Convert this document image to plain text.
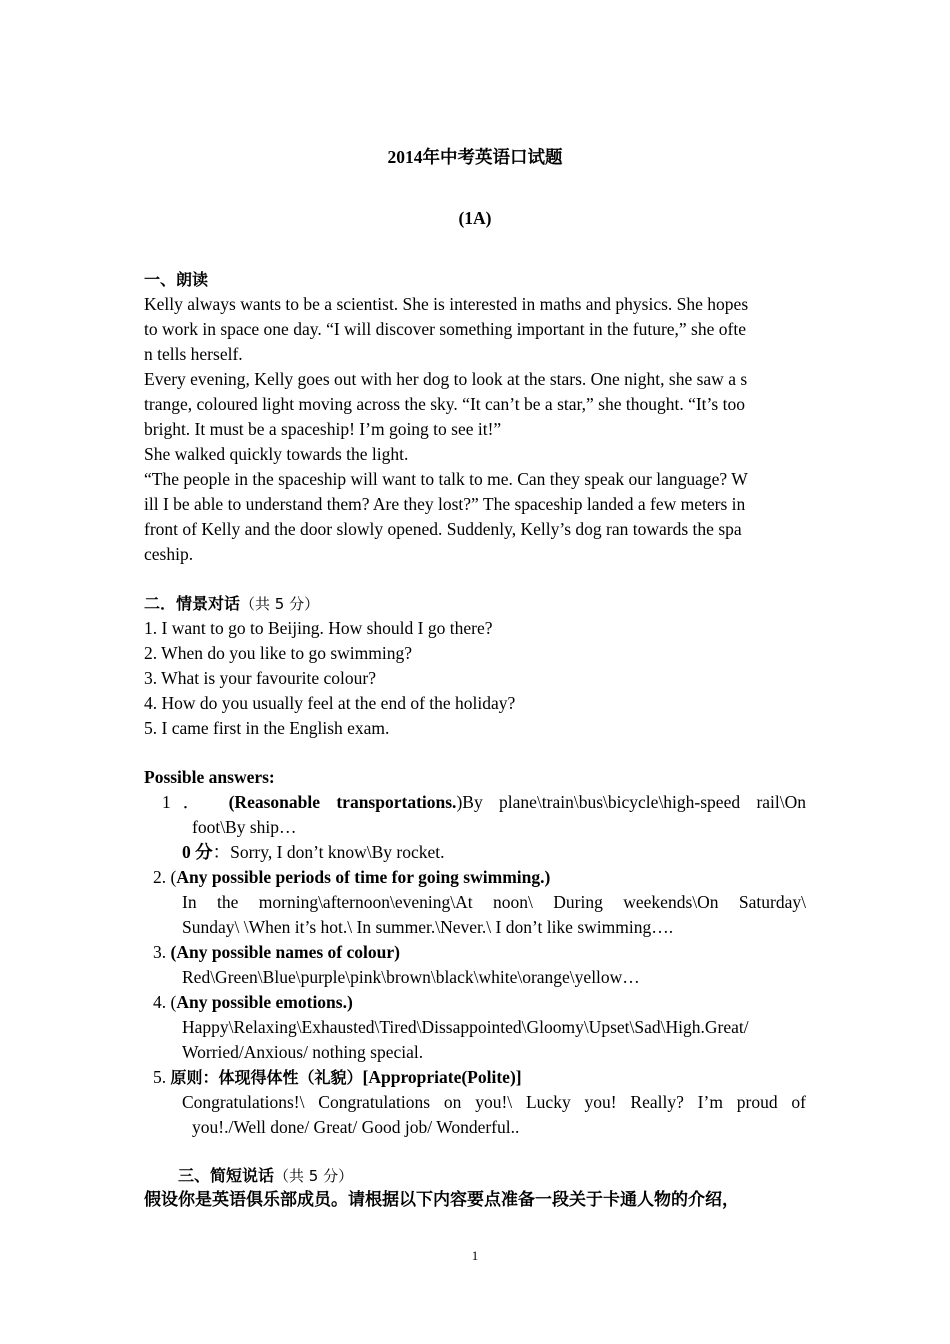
2014年中考英语口试题
(1A)
一、朗读
Kelly always wants to be a scientist. She is interested in maths and physics. She hopes
to work in space one day. “I will discover something important in the future,” she ofte
n tells herself.
Every evening, Kelly goes out with her dog to look at the stars. One night, she saw a s
trange, coloured light moving across the sky. “It can’t be a star,” she thought. “It’s too
bright. It must be a spaceship! I’m going to see it!”
She walked quickly towards the light.
“The people in the spaceship will want to talk to me. Can they speak our language? W
ill I be able to understand them? Are they lost?” The spaceship landed a few meters in
front of Kelly and the door slowly opened. Suddenly, Kelly’s dog ran towards the spa
ceship.
二．情景对话（共 5 分）
1. I want to go to Beijing. How should I go there?
2. When do you like to go swimming?
3. What is your favourite colour?
4. How do you usually feel at the end of the holiday?
5. I came first in the English exam.
Possible answers:
1． (Reasonable transportations.)By plane\train\bus\bicycle\high-speed rail\On
foot\By ship…
0 分：Sorry, I don’t know\By rocket.
2. (Any possible periods of time for going swimming.)
In the morning\afternoon\evening\At noon\ During weekends\On Saturday\
Sunday\ \When it’s hot.\ In summer.\Never.\ I don’t like swimming….
3. (Any possible names of colour)
Red\Green\Blue\purple\pink\brown\black\white\orange\yellow…
4. (Any possible emotions.)
Happy\Relaxing\Exhausted\Tired\Dissappointed\Gloomy\Upset\Sad\High.Great/
Worried/Anxious/ nothing special.
5. 原则：体现得体性（礼貌）[Appropriate(Polite)]
Congratulations!\ Congratulations on you!\ Lucky you! Really? I’m proud of
you!./Well done/ Great/ Good job/ Wonderful..
三、简短说话（共 5 分）
假设你是英语俱乐部成员。请根据以下内容要点准备一段关于卡通人物的介绍，
1
